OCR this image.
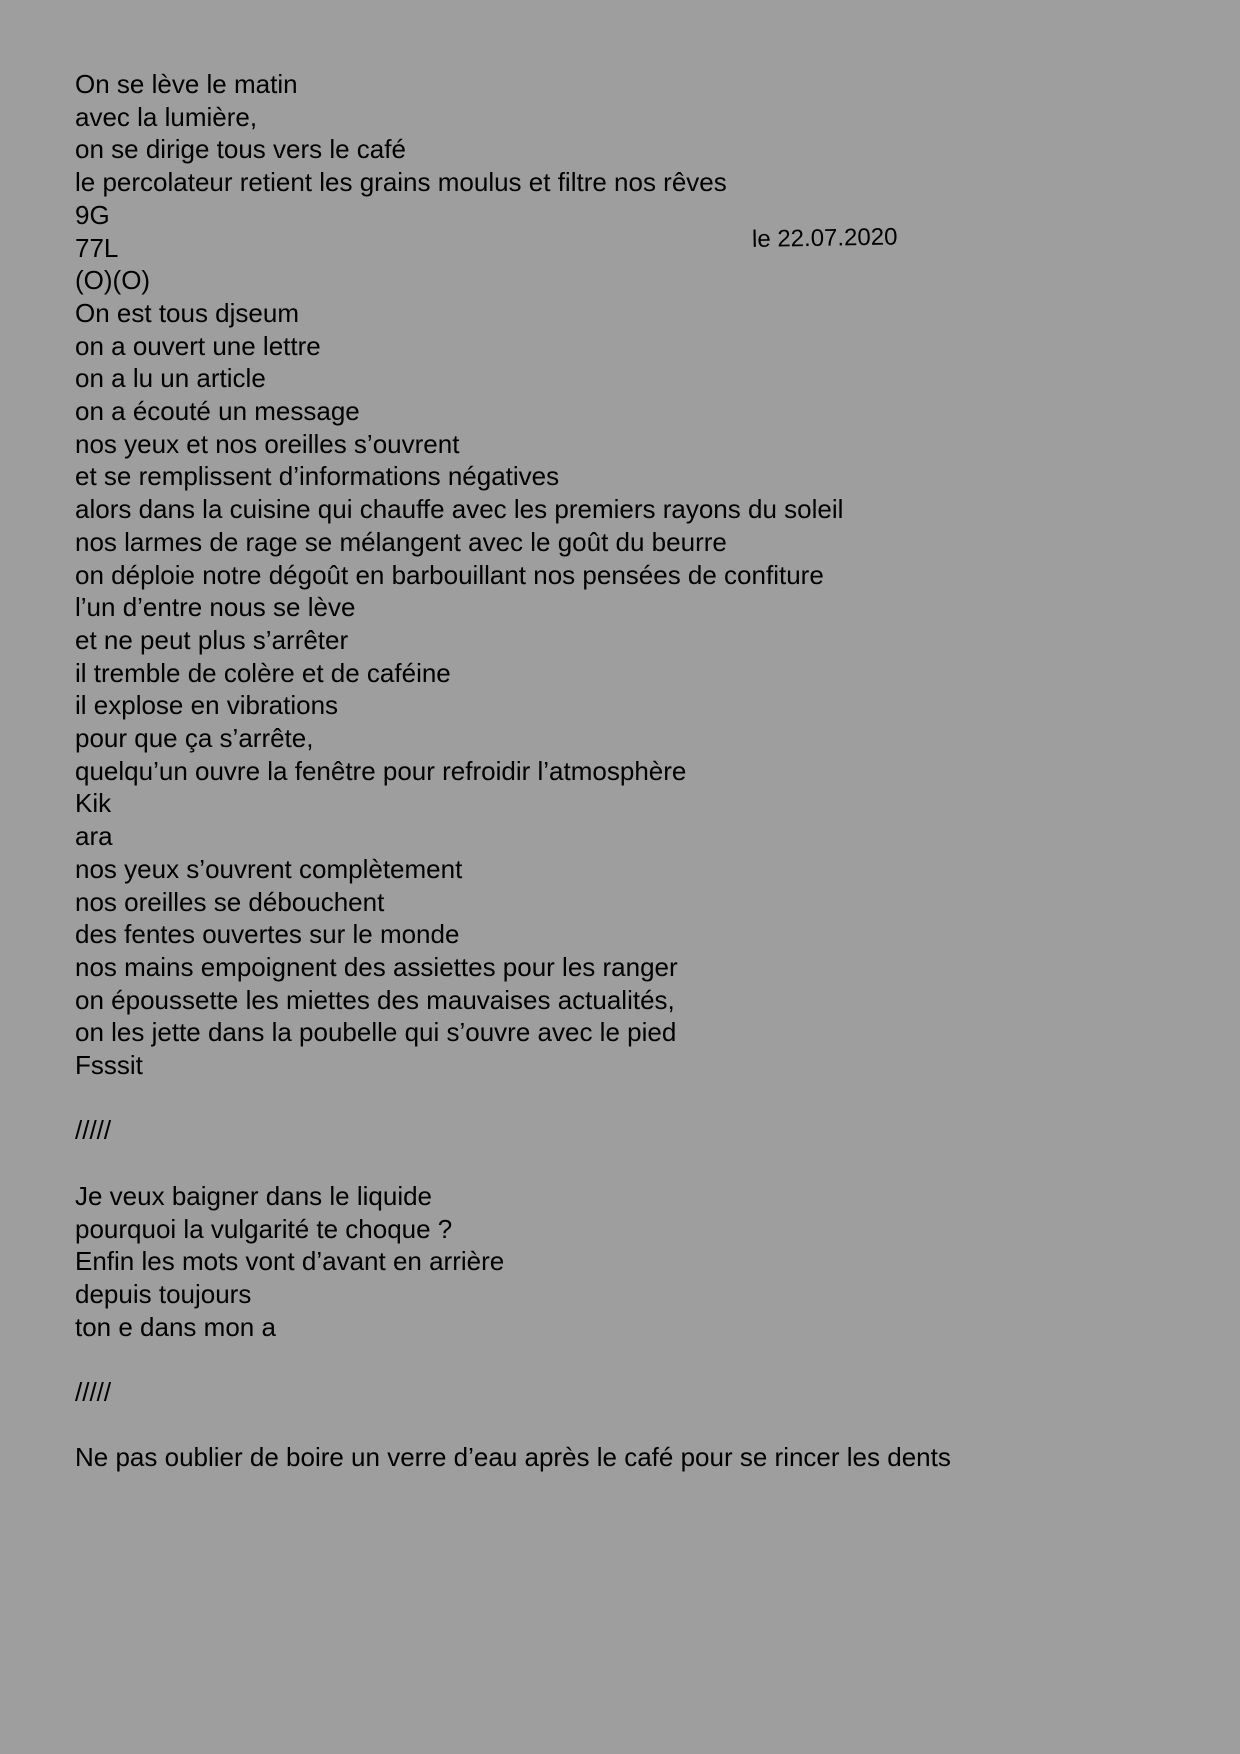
On se lève le matin
avec la lumière,
on se dirige tous vers le café
le percolateur retient les grains moulus et filtre nos rêves
9G
77L
(O)(O)
On est tous djseum
on a ouvert une lettre
on a lu un article
on a écouté un message
nos yeux et nos oreilles s’ouvrent
et se remplissent d’informations négatives
alors dans la cuisine qui chauffe avec les premiers rayons du soleil
nos larmes de rage se mélangent avec le goût du beurre
on déploie notre dégoût en barbouillant nos pensées de confiture
l’un d’entre nous se lève
et ne peut plus s’arrêter
il tremble de colère et de caféine
il explose en vibrations
pour que ça s’arrête,
quelqu’un ouvre la fenêtre pour refroidir l’atmosphère
Kik
ara
nos yeux s’ouvrent complètement
nos oreilles se débouchent
des fentes ouvertes sur le monde
nos mains empoignent des assiettes pour les ranger
on époussette les miettes des mauvaises actualités,
on les jette dans la poubelle qui s’ouvre avec le pied
Fsssit
/////
Je veux baigner dans le liquide
pourquoi la vulgarité te choque ?
Enfin les mots vont d’avant en arrière
depuis toujours
ton e dans mon a
/////
Ne pas oublier de boire un verre d’eau après le café pour se rincer les dents
le 22.07.2020
